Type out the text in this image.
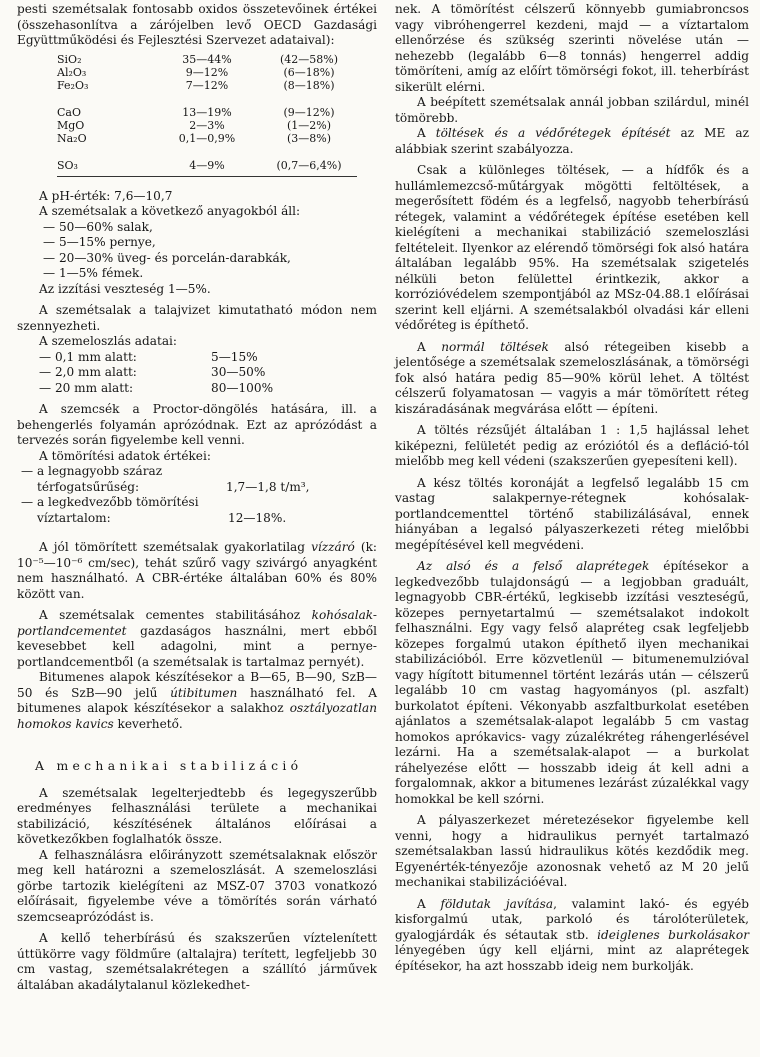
pesti szemétsalak fontosabb oxidos összetevőinek értékei (összehasonlítva a zárójelben levő OECD Gazdasági Együttműködési és Fejlesztési Szervezet adataival):

SiO₂	35—44%	(42—58%)
Al₂O₃	9—12%	(6—18%)
Fe₂O₃	7—12%	(8—18%)
CaO	13—19%	(9—12%)
MgO	2—3%	(1—2%)
Na₂O	0,1—0,9%	(3—8%)
SO₃	4—9%	(0,7—6,4%)

A pH-érték: 7,6—10,7

A szemétsalak a következő anyagokból áll:

— 50—60% salak,
— 5—15% pernye,
— 20—30% üveg- és porcelán-darabkák,
— 1—5% fémek.

Az izzítási veszteség 1—5%.

A szemétsalak a talajvizet kimutatható módon nem szennyezheti.

A szemeloszlás adatai:

— 0,1 mm alatt:	5—15%
— 2,0 mm alatt:	30—50%
— 20 mm alatt:	80—100%

A szemcsék a Proctor-döngölés hatására, ill. a behengerlés folyamán aprózódnak. Ezt az aprózódást a tervezés során figyelembe kell venni.

A tömörítési adatok értékei:

— a legnagyobb száraz
térfogatsűrűség:	1,7—1,8 t/m³,
— a legkedvezőbb tömörítési
víztartalom:	12—18%.

A jól tömörített szemétsalak gyakorlatilag vízzáró (k: 10⁻⁵—10⁻⁶ cm/sec), tehát szűrő vagy szivárgó anyagként nem használható. A CBR-értéke általában 60% és 80% között van.

A szemétsalak cementes stabilitásához kohósalak-portlandcementet gazdaságos használni, mert ebből kevesebbet kell adagolni, mint a pernye-portlandcementből (a szemétsalak is tartalmaz pernyét).

Bitumenes alapok készítésekor a B—65, B—90, SzB—50 és SzB—90 jelű útibitumen használható fel. A bitumenes alapok készítésekor a salakhoz osztályozatlan homokos kavics keverhető.

A mechanikai stabilizáció

A szemétsalak legelterjedtebb és legegyszerűbb eredményes felhasználási területe a mechanikai stabilizáció, készítésének általános előírásai a következőkben foglalhatók össze.

A felhasználásra előirányzott szemétsalaknak először meg kell határozni a szemeloszlását. A szemeloszlási görbe tartozik kielégíteni az MSZ-07 3703 vonatkozó előírásait, figyelembe véve a tömörítés során várható szemcseaprózódást is.

A kellő teherbírású és szakszerűen víztelenített úttükörre vagy földműre (altalajra) terített, legfeljebb 30 cm vastag, szemétsalakrétegen a szállító járművek általában akadálytalanul közlekedhet-

nek. A tömörítést célszerű könnyebb gumiabroncsos vagy vibróhengerrel kezdeni, majd — a víztartalom ellenőrzése és szükség szerinti növelése után — nehezebb (legalább 6—8 tonnás) hengerrel addig tömöríteni, amíg az előírt tömörségi fokot, ill. teherbírást sikerült elérni.

A beépített szemétsalak annál jobban szilárdul, minél tömörebb.

A töltések és a védőrétegek építését az ME az alábbiak szerint szabályozza.

Csak a különleges töltések, — a hídfők és a hullámlemezcső-műtárgyak mögötti feltöltések, a megerősített födém és a legfelső, nagyobb teherbírású rétegek, valamint a védőrétegek építése esetében kell kielégíteni a mechanikai stabilizáció szemeloszlási feltételeit. Ilyenkor az elérendő tömörségi fok alsó határa általában legalább 95%. Ha szemétsalak szigetelés nélküli beton felülettel érintkezik, akkor a korrózióvédelem szempontjából az MSz-04.88.1 előírásai szerint kell eljárni. A szemétsalakból olvadási kár elleni védőréteg is építhető.

A normál töltések alsó rétegeiben kisebb a jelentősége a szemétsalak szemeloszlásának, a tömörségi fok alsó határa pedig 85—90% körül lehet. A töltést célszerű folyamatosan — vagyis a már tömörített réteg kiszáradásának megvárása előtt — építeni.

A töltés rézsűjét általában 1 : 1,5 hajlással lehet kiképezni, felületét pedig az eróziótól és a defláció-tól mielőbb meg kell védeni (szakszerűen gyepesíteni kell).

A kész töltés koronáját a legfelső legalább 15 cm vastag salakpernye-rétegnek kohósalak-portlandcementtel történő stabilizálásával, ennek hiányában a legalsó pályaszerkezeti réteg mielőbbi megépítésével kell megvédeni.

Az alsó és a felső alaprétegek építésekor a legkedvezőbb tulajdonságú — a legjobban graduált, legnagyobb CBR-értékű, legkisebb izzítási veszteségű, közepes pernyetartalmú — szemétsalakot indokolt felhasználni. Egy vagy felső alapréteg csak legfeljebb közepes forgalmú utakon építhető ilyen mechanikai stabilizációból. Erre közvetlenül — bitumenemulzióval vagy hígított bitumennel történt lezárás után — célszerű legalább 10 cm vastag hagyományos (pl. aszfalt) burkolatot építeni. Vékonyabb aszfaltburkolat esetében ajánlatos a szemétsalak-alapot legalább 5 cm vastag homokos aprókavics- vagy zúzalékréteg ráhengerlésével lezárni. Ha a szemétsalak-alapot — a burkolat ráhelyezése előtt — hosszabb ideig át kell adni a forgalomnak, akkor a bitumenes lezárást zúzalékkal vagy homokkal be kell szórni.

A pályaszerkezet méretezésekor figyelembe kell venni, hogy a hidraulikus pernyét tartalmazó szemétsalakban lassú hidraulikus kötés kezdődik meg. Egyenérték-tényezője azonosnak vehető az M 20 jelű mechanikai stabilizációéval.

A földutak javítása, valamint lakó- és egyéb kisforgalmú utak, parkoló és tárolóterületek, gyalogjárdák és sétautak stb. ideiglenes burkolásakor lényegében úgy kell eljárni, mint az alaprétegek építésekor, ha azt hosszabb ideig nem burkolják.
